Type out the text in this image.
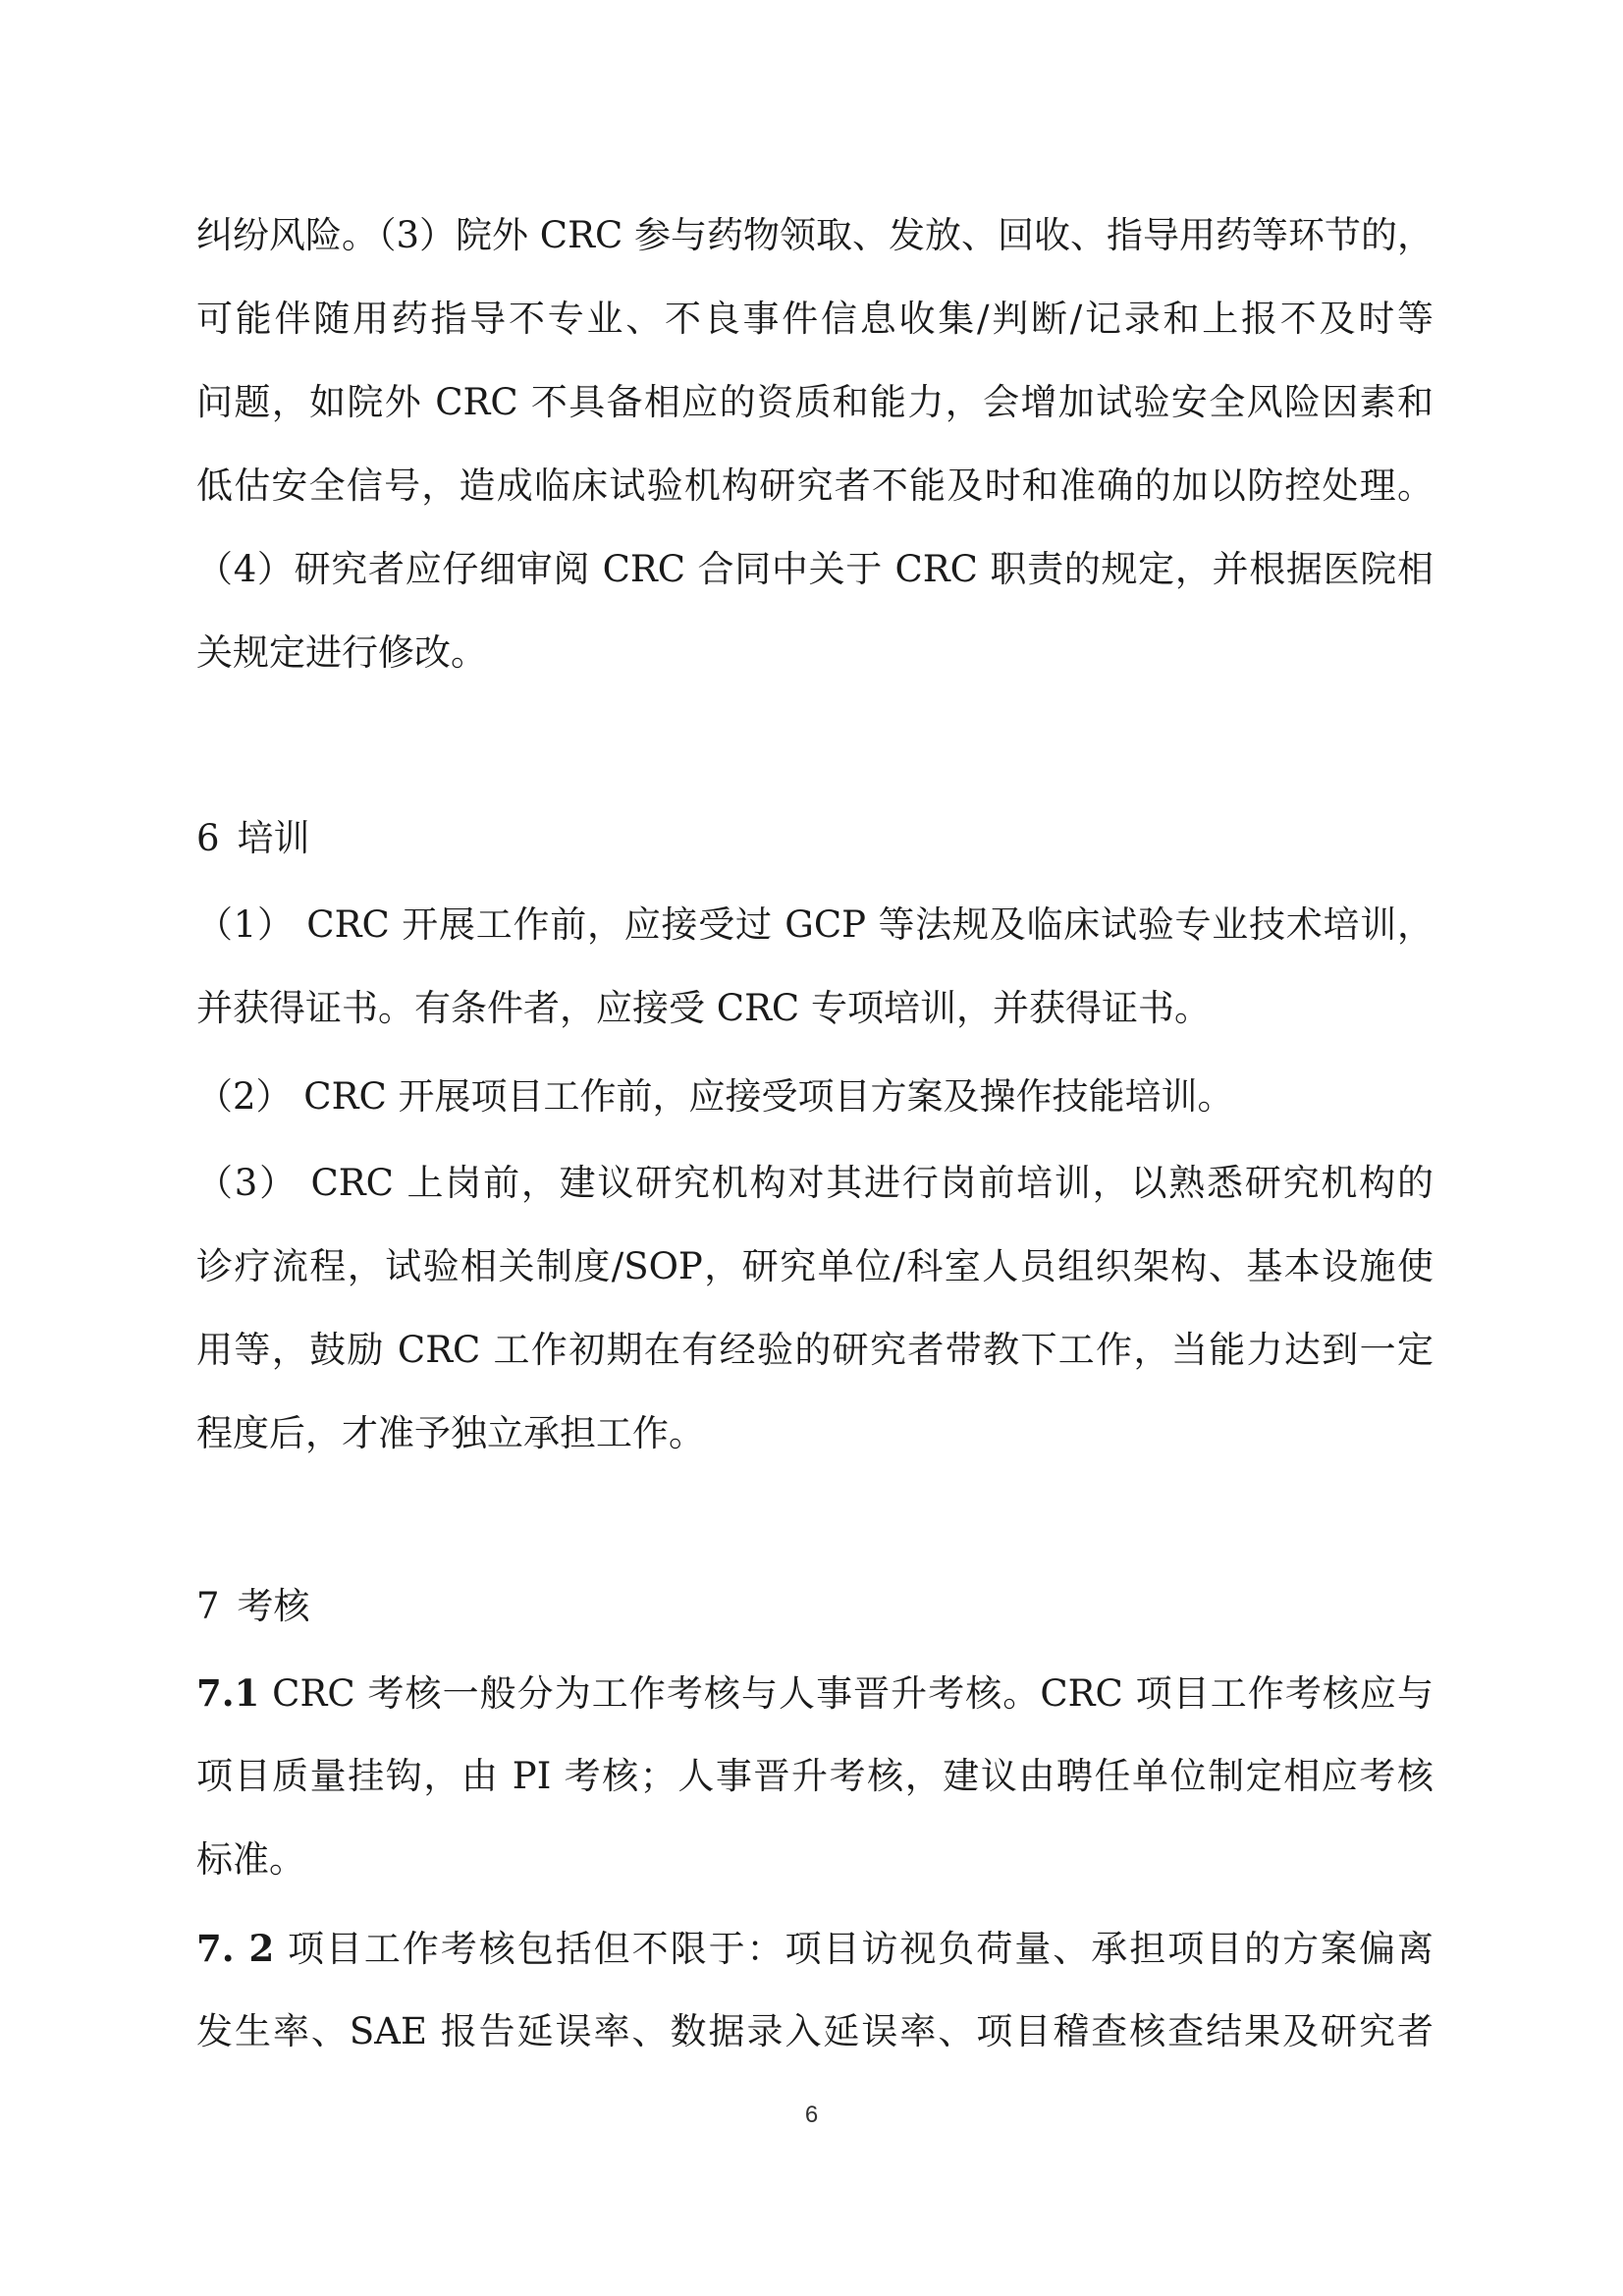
纠纷风险。（3）院外 CRC 参与药物领取、发放、回收、指导用药等环节的，
可能伴随用药指导不专业、不良事件信息收集/判断/记录和上报不及时等
问题，如院外 CRC 不具备相应的资质和能力，会增加试验安全风险因素和
低估安全信号，造成临床试验机构研究者不能及时和准确的加以防控处理。
（4）研究者应仔细审阅 CRC 合同中关于 CRC 职责的规定，并根据医院相
关规定进行修改。
6 培训
（1） CRC 开展工作前，应接受过 GCP 等法规及临床试验专业技术培训，
并获得证书。有条件者，应接受 CRC 专项培训，并获得证书。
（2） CRC 开展项目工作前，应接受项目方案及操作技能培训。
（3） CRC 上岗前，建议研究机构对其进行岗前培训，以熟悉研究机构的
诊疗流程，试验相关制度/SOP，研究单位/科室人员组织架构、基本设施使
用等，鼓励 CRC 工作初期在有经验的研究者带教下工作，当能力达到一定
程度后，才准予独立承担工作。
7 考核
7.1 CRC 考核一般分为工作考核与人事晋升考核。CRC 项目工作考核应与
项目质量挂钩，由 PI 考核；人事晋升考核，建议由聘任单位制定相应考核
标准。
7. 2 项目工作考核包括但不限于：项目访视负荷量、承担项目的方案偏离
发生率、SAE 报告延误率、数据录入延误率、项目稽查核查结果及研究者
6
